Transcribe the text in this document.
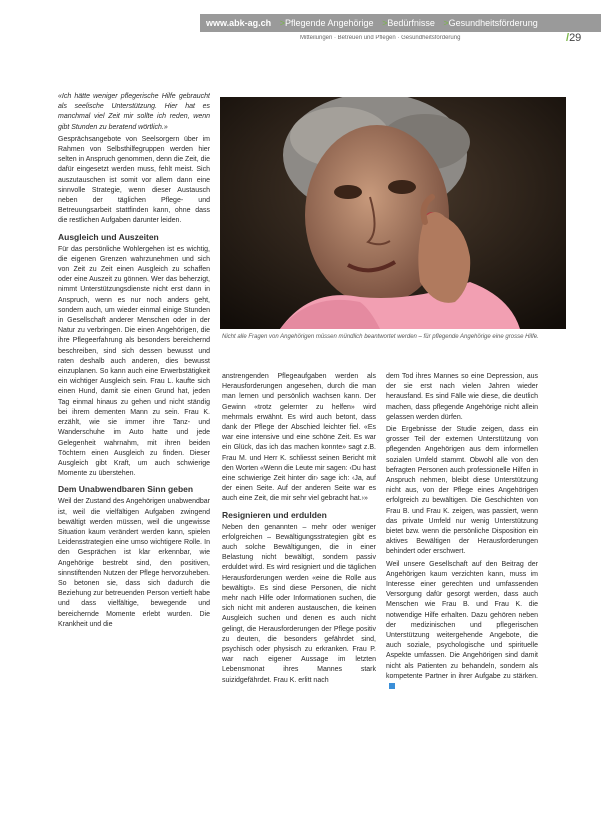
www.abk-ag.ch >Pflegende Angehörige >Bedürfnisse >Gesundheitsförderung
Mitteilungen · Betreuen und Pflegen · Gesundheitsförderung	/29

«Ich hätte weniger pflegerische Hilfe gebraucht als seelische Unterstützung. Hier hat es manchmal viel Zeit mir sollte ich reden, wenn gibt Stunden zu beratend wörtlich.»

Gesprächsangebote von Seelsorgern über im Rahmen von Selbsthilfegruppen werden hier selten in Anspruch genommen, denn die Zeit, die dafür eingesetzt werden muss, fehlt meist. Sich auszutauschen ist somit vor allem dann eine sinnvolle Strategie, wenn dieser Austausch neben der täglichen Pflege- und Betreuungsarbeit stattfinden kann, ohne dass die restlichen Aufgaben darunter leiden.

Ausgleich und Auszeiten

Für das persönliche Wohlergehen ist es wichtig, die eigenen Grenzen wahrzunehmen und sich von Zeit zu Zeit einen Ausgleich zu schaffen oder eine Auszeit zu gönnen. Wer das beherzigt, nimmt Unterstützungsdienste nicht erst dann in Anspruch, wenn es nur noch anders geht, sondern auch, um wieder einmal einige Stunden in Gesellschaft anderer Menschen oder in der Natur zu verbringen. Die einen Angehörigen, die ihre Pflegeerfahrung als besonders bereichernd beschreiben, sind sich dessen bewusst und raten deshalb auch anderen, dies bewusst einzuplanen. So kann auch eine Erwerbstätigkeit ein wichtiger Ausgleich sein. Frau L. kaufte sich einen Hund, damit sie einen Grund hat, jeden Tag einmal hinaus zu gehen und nicht ständig bei ihrem dementen Mann zu sein. Frau K. erzählt, wie sie immer ihre Tanz- und Wanderschuhe im Auto hatte und jede Gelegenheit wahrnahm, mit ihren beiden Töchtern einen Ausgleich zu finden. Dieser Ausgleich gibt Kraft, um auch schwierige Momente zu überstehen.

Dem Unabwendbaren Sinn geben

Weil der Zustand des Angehörigen unabwendbar ist, weil die vielfältigen Aufgaben zwingend bewältigt werden müssen, weil die ungewisse Situation kaum verändert werden kann, spielen Leidensstrategien eine umso wichtigere Rolle. In den Gesprächen ist klar erkennbar, wie Angehörige bestrebt sind, den positiven, sinnstiftenden Nutzen der Pflege hervorzuheben. So betonen sie, dass sich dadurch die Beziehung zur betreuenden Person vertieft habe und dass vielfältige, bewegende und bereichernde Momente erlebt wurden. Die Krankheit und die

Nicht alle Fragen von Angehörigen müssen mündlich beantwortet werden – für pflegende Angehörige eine grosse Hilfe.

anstrengenden Pflegeaufgaben werden als Herausforderungen angesehen, durch die man man lernen und persönlich wachsen kann. Der Gewinn «trotz gelernter zu helfen» wird mehrmals erwähnt. Es wird auch betont, dass dank der Pflege der Abschied leichter fiel. «Es war eine intensive und eine schöne Zeit. Es war ein Glück, das ich das machen konnte» sagt z.B. Frau M. und Herr K. schliesst seinen Bericht mit den Worten «Wenn die Leute mir sagen: ‹Du hast eine schwierige Zeit hinter dir› sage ich: ‹Ja, auf der einen Seite. Auf der anderen Seite war es auch eine Zeit, die mir sehr viel gebracht hat.›»

Resignieren und erdulden

Neben den genannten – mehr oder weniger erfolgreichen – Bewältigungsstrategien gibt es auch solche Bewältigungen, die in einer Belastung nicht bewältigt, sondern passiv erduldet wird. Es wird resigniert und die täglichen Herausforderungen werden «eine die Rolle aus bewältigt». Es sind diese Personen, die nicht mehr nach Hilfe oder Informationen suchen, die sich nicht mit anderen austauschen, die keinen Ausgleich suchen und denen es auch nicht gelingt, die Herausforderungen der Pflege positiv zu deuten, die besonders gefährdet sind, psychisch oder physisch zu erkranken. Frau P. war nach eigener Aussage im letzten Lebensmonat ihres Mannes stark suizidgefährdet. Frau K. erlitt nach

dem Tod ihres Mannes so eine Depression, aus der sie erst nach vielen Jahren wieder herausfand. Es sind Fälle wie diese, die deutlich machen, dass pflegende Angehörige nicht allein gelassen werden dürfen.

Die Ergebnisse der Studie zeigen, dass ein grosser Teil der externen Unterstützung von pflegenden Angehörigen aus dem informellen sozialen Umfeld stammt. Obwohl alle von den befragten Personen auch professionelle Hilfen in Anspruch nehmen, bleibt diese Unterstützung nicht aus, von der Pflege eines Angehörigen erfolgreich zu bewältigen. Die Geschichten von Frau B. und Frau K. zeigen, was passiert, wenn das private Umfeld nur wenig Unterstützung bietet bzw. wenn die persönliche Disposition ein aktives Bewältigen der Herausforderungen behindert oder erschwert.

Weil unsere Gesellschaft auf den Beitrag der Angehörigen kaum verzichten kann, muss im Interesse einer gerechten und umfassenden Versorgung dafür gesorgt werden, dass auch Menschen wie Frau B. und Frau K. die notwendige Hilfe erhalten. Dazu gehören neben der medizinischen und pflegerischen Unterstützung weitergehende Angebote, die auch soziale, psychologische und spirituelle Aspekte umfassen. Die Angehörigen sind damit nicht als Patienten zu behandeln, sondern als kompetente Partner in ihrer Aufgabe zu stärken.
